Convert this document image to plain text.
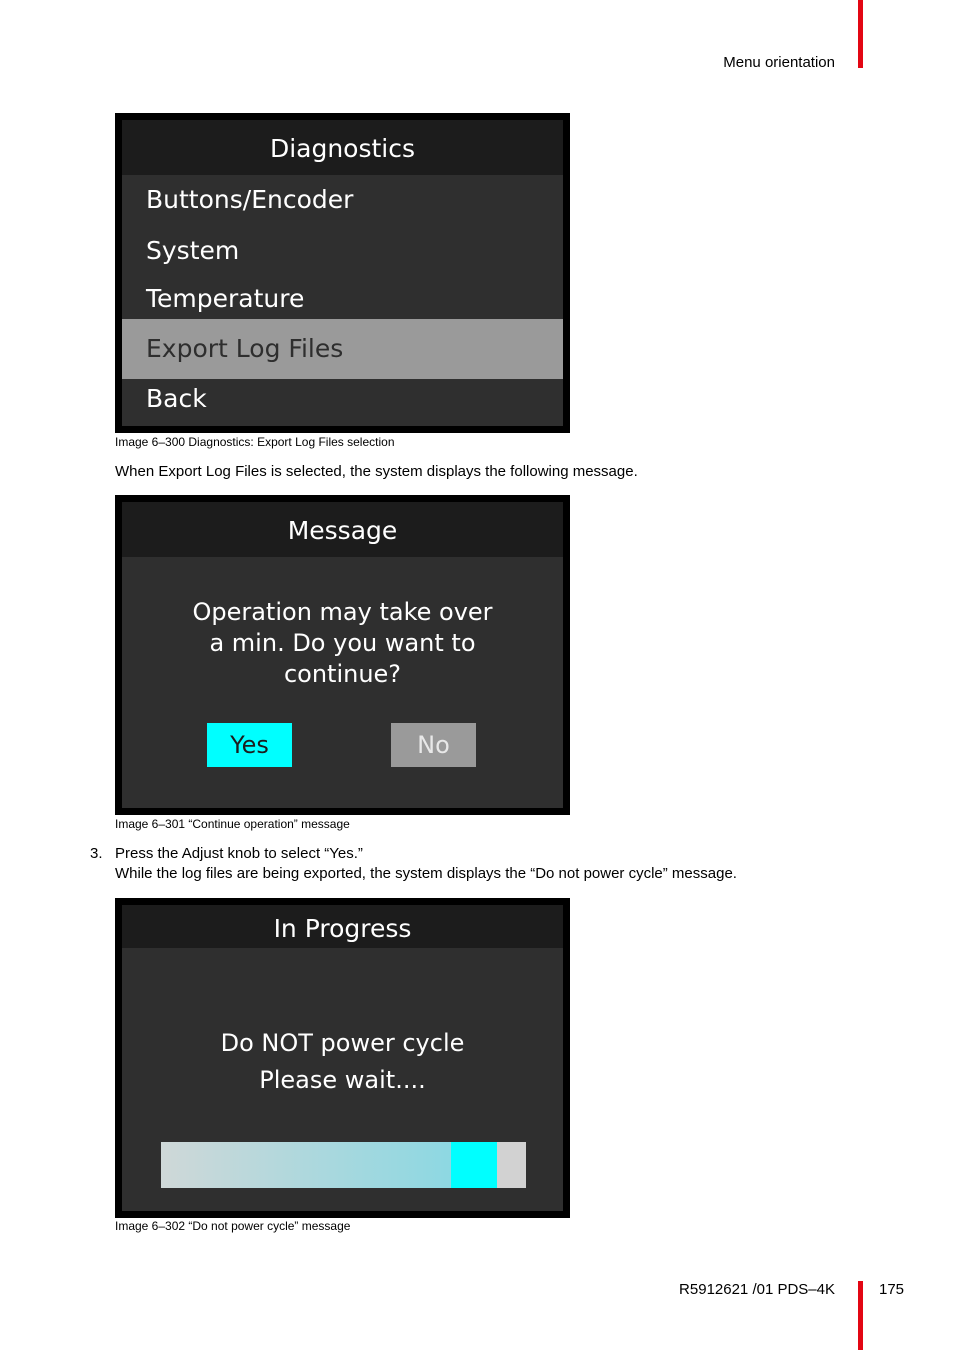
Menu orientation
Diagnostics
Buttons/Encoder
System
Temperature
Export Log Files
Back
Image 6–300 Diagnostics: Export Log Files selection
When Export Log Files is selected, the system displays the following message.
Message
Operation may take over
a min. Do you want to
continue?
Yes	No
Image 6–301 “Continue operation” message
3. Press the Adjust knob to select “Yes.”
While the log files are being exported, the system displays the “Do not power cycle” message.
In Progress
Do NOT power cycle
Please wait....
Image 6–302 “Do not power cycle” message
R5912621 /01 PDS–4K	175
